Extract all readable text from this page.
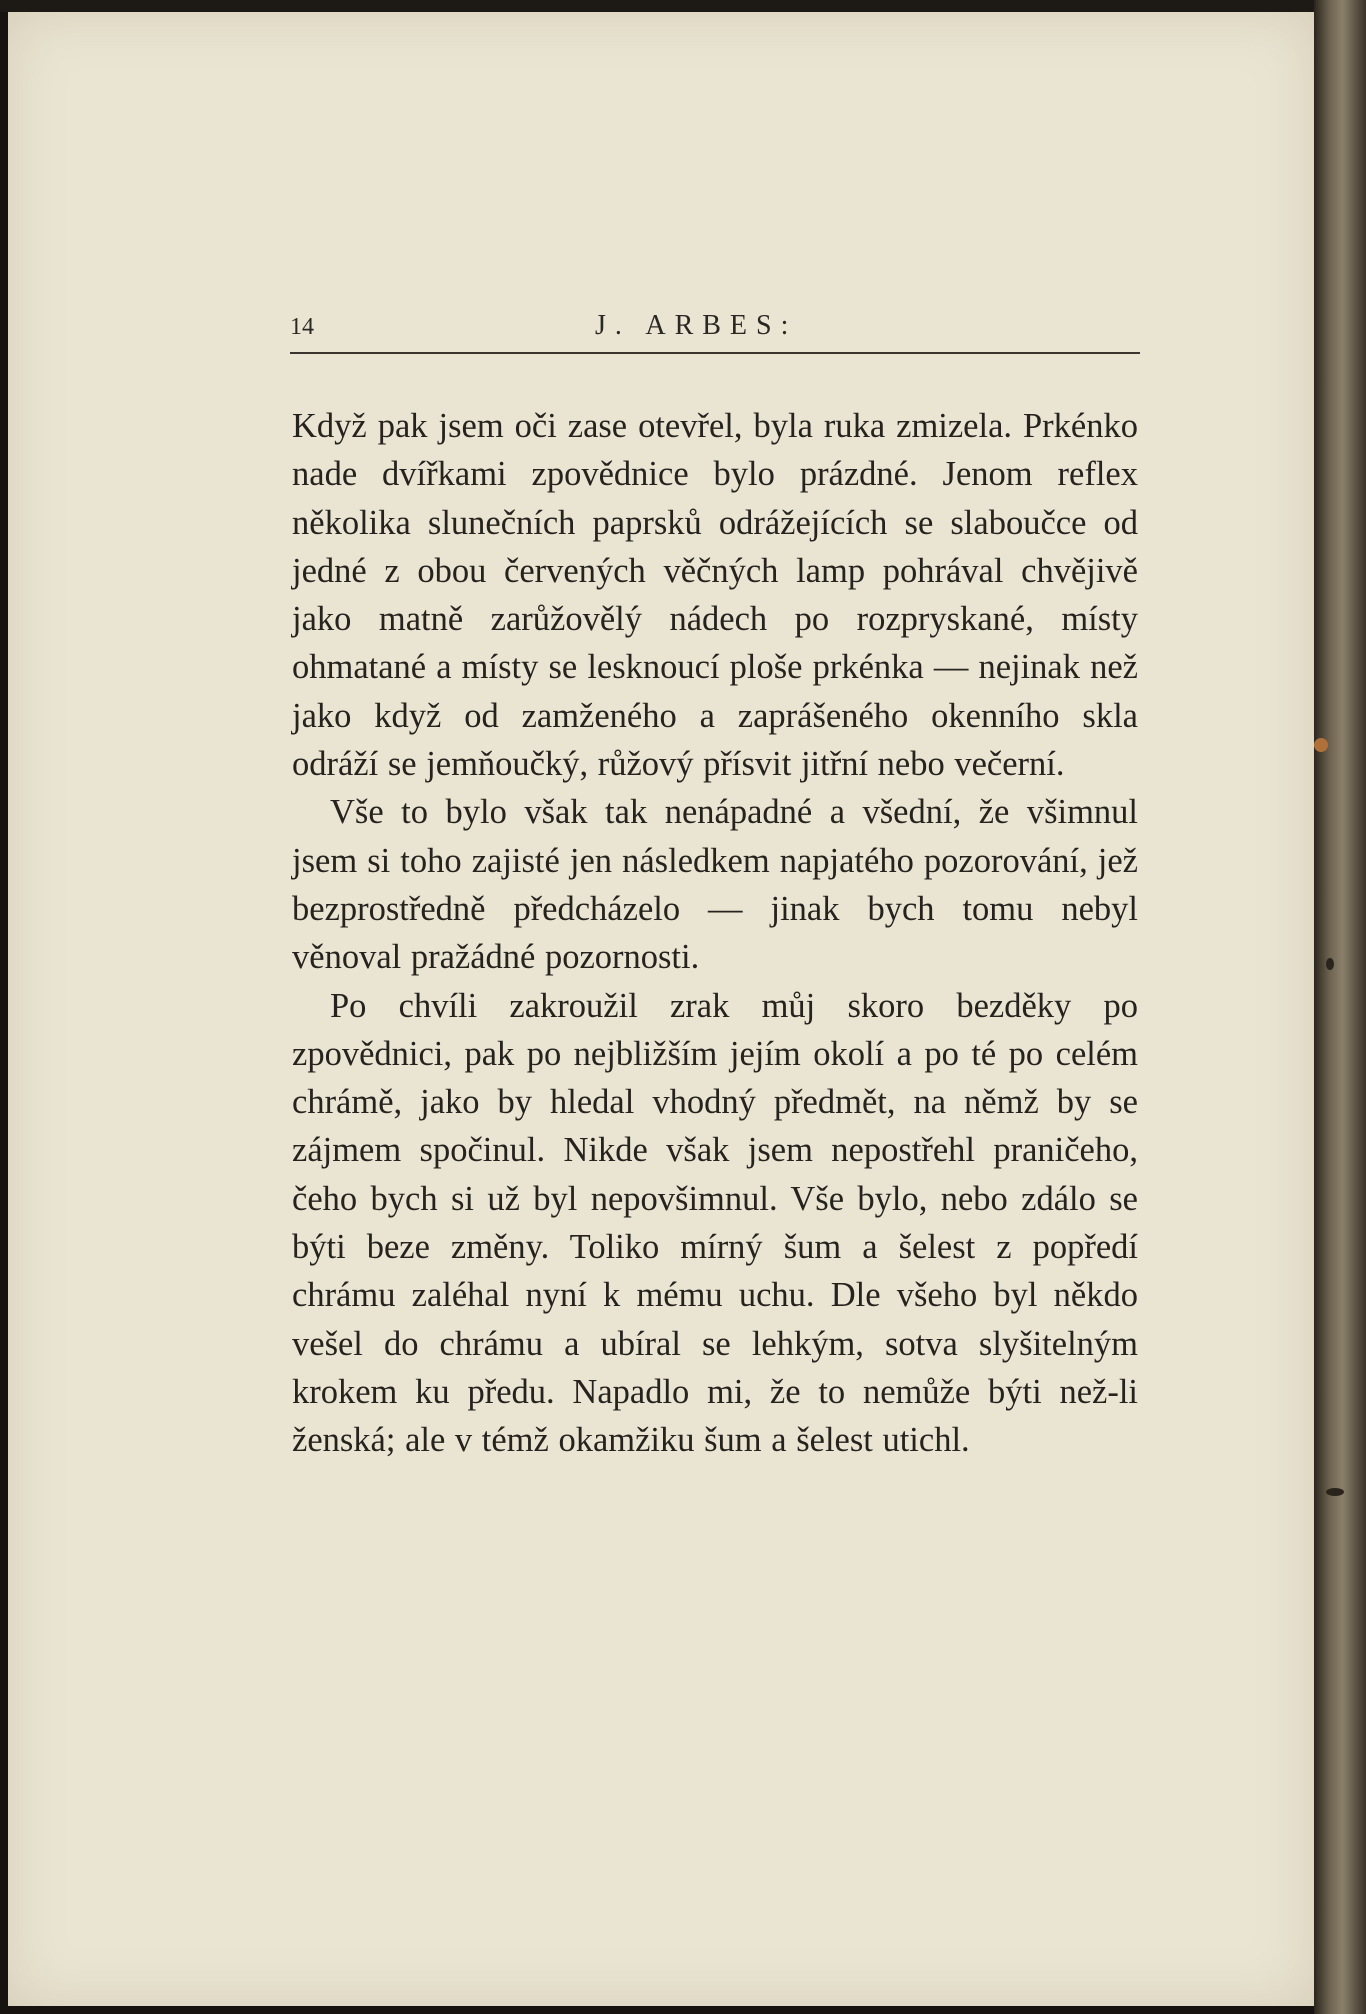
14	J. ARBES:

Když pak jsem oči zase otevřel, byla ruka zmizela. Prkénko nade dvířkami zpovědnice bylo prázdné. Jenom reflex několika slunečních paprsků odrážejících se slaboučce od jedné z obou červených věčných lamp pohrával chvějivě jako matně zarůžovělý nádech po rozpryskané, místy ohmatané a místy se lesknoucí ploše prkénka — nejinak než jako když od zamženého a zaprášeného okenního skla odráží se jemňoučký, růžový přísvit jitřní nebo večerní.

Vše to bylo však tak nenápadné a všední, že všimnul jsem si toho zajisté jen následkem napjatého pozorování, jež bezprostředně předcházelo — jinak bych tomu nebyl věnoval pražádné pozornosti.

Po chvíli zakroužil zrak můj skoro bezděky po zpovědnici, pak po nejbližším jejím okolí a po té po celém chrámě, jako by hledal vhodný předmět, na němž by se zájmem spočinul. Nikde však jsem nepostřehl praničeho, čeho bych si už byl nepovšimnul. Vše bylo, nebo zdálo se býti beze změny. Toliko mírný šum a šelest z popředí chrámu zaléhal nyní k mému uchu. Dle všeho byl někdo vešel do chrámu a ubíral se lehkým, sotva slyšitelným krokem ku předu. Napadlo mi, že to nemůže býti než-li ženská; ale v témž okamžiku šum a šelest utichl.
